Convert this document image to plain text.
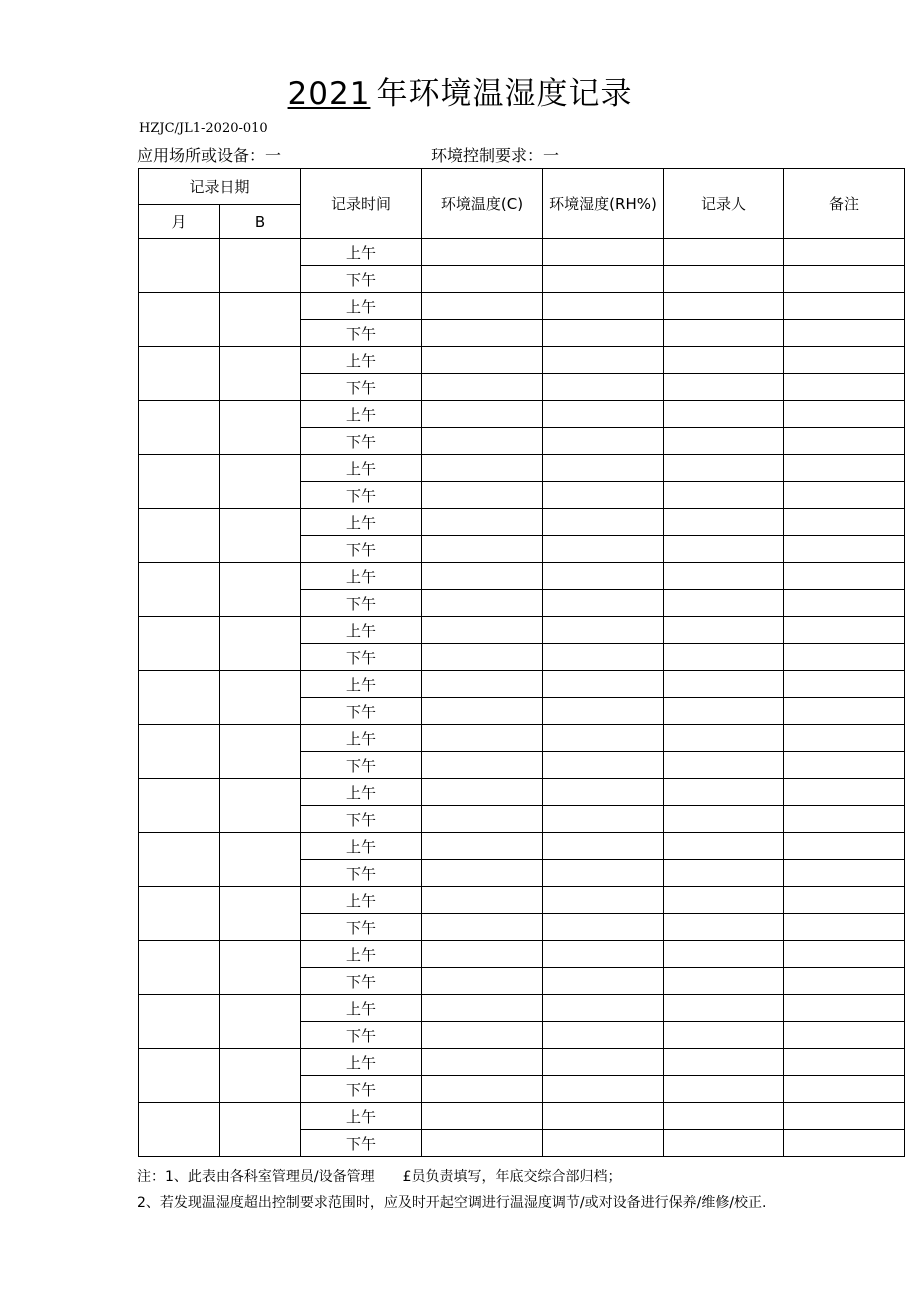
2021 年环境温湿度记录
HZJC/JL1-2020-010
应用场所或设备：一	环境控制要求：一
记录日期		记录时间	环境温度(C)	环境湿度(RH%)	记录人	备注
月	B					
		上午				
		下午				
		上午				
		下午				
		上午				
		下午				
		上午				
		下午				
		上午				
		下午				
		上午				
		下午				
		上午				
		下午				
		上午				
		下午				
		上午				
		下午				
		上午				
		下午				
		上午				
		下午				
		上午				
		下午				
		上午				
		下午				
		上午				
		下午				
		上午				
		下午				
		上午				
		下午				
		上午				
		下午				
注：1、此表由各科室管理员/设备管理　　£员负责填写，年底交综合部归档；
2、若发现温湿度超出控制要求范围时，应及时开起空调进行温湿度调节/或对设备进行保养/维修/校正.
